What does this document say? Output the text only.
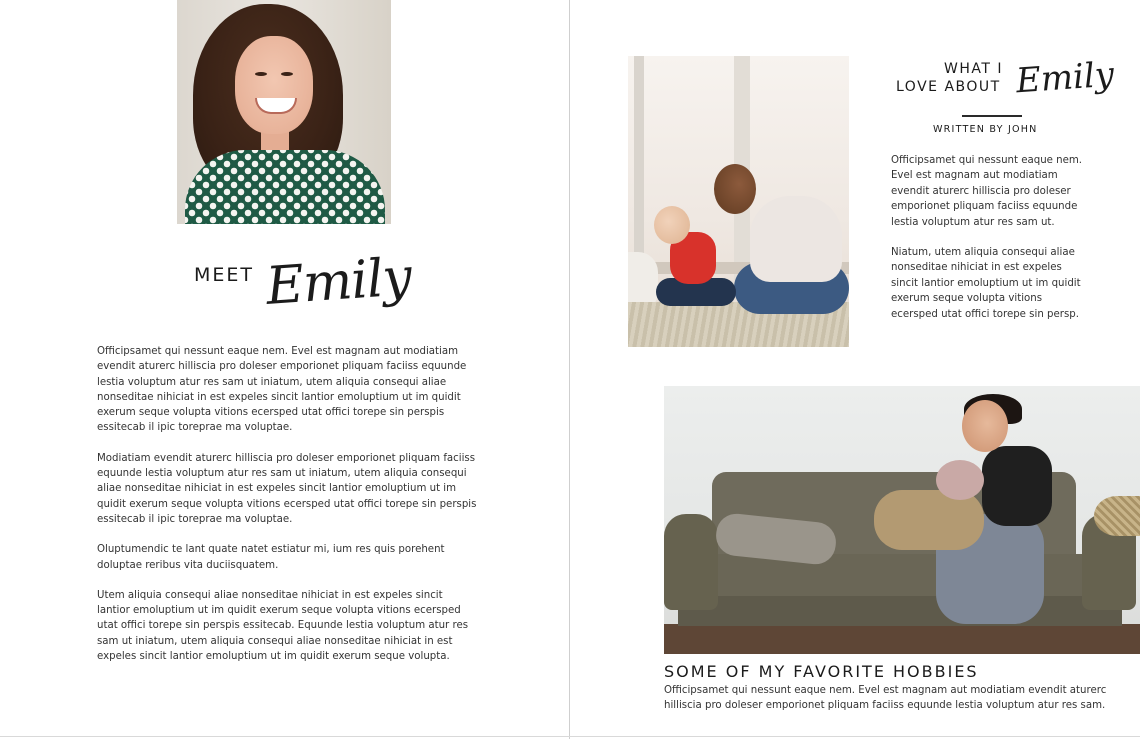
MEET Emily

Officipsamet qui nessunt eaque nem. Evel est magnam aut modiatiam evendit aturerc hilliscia pro doleser emporionet pliquam faciiss equunde lestia voluptum atur res sam ut iniatum, utem aliquia consequi aliae nonseditae nihiciat in est expeles sincit lantior emoluptium ut im quidit exerum seque volupta vitions ecersped utat offici torepe sin perspis essitecab il ipic toreprae ma voluptae.

Modiatiam evendit aturerc hilliscia pro doleser emporionet pliquam faciiss equunde lestia voluptum atur res sam ut iniatum, utem aliquia consequi aliae nonseditae nihiciat in est expeles sincit lantior emoluptium ut im quidit exerum seque volupta vitions ecersped utat offici torepe sin perspis essitecab il ipic toreprae ma voluptae.

Oluptumendic te lant quate natet estiatur mi, ium res quis porehent doluptae reribus vita duciisquatem.

Utem aliquia consequi aliae nonseditae nihiciat in est expeles sincit lantior emoluptium ut im quidit exerum seque volupta vitions ecersped utat offici torepe sin perspis essitecab. Equunde lestia voluptum atur res sam ut iniatum, utem aliquia consequi aliae nonseditae nihiciat in est expeles sincit lantior emoluptium ut im quidit exerum seque volupta.

WHAT I
LOVE ABOUT Emily
WRITTEN BY JOHN

Officipsamet qui nessunt eaque nem. Evel est magnam aut modiatiam evendit aturerc hilliscia pro doleser emporionet pliquam faciiss equunde lestia voluptum atur res sam ut.

Niatum, utem aliquia consequi aliae nonseditae nihiciat in est expeles sincit lantior emoluptium ut im quidit exerum seque volupta vitions ecersped utat offici torepe sin persp.

SOME OF MY FAVORITE HOBBIES

Officipsamet qui nessunt eaque nem. Evel est magnam aut modiatiam evendit aturerc hilliscia pro doleser emporionet pliquam faciiss equunde lestia voluptum atur res sam.
